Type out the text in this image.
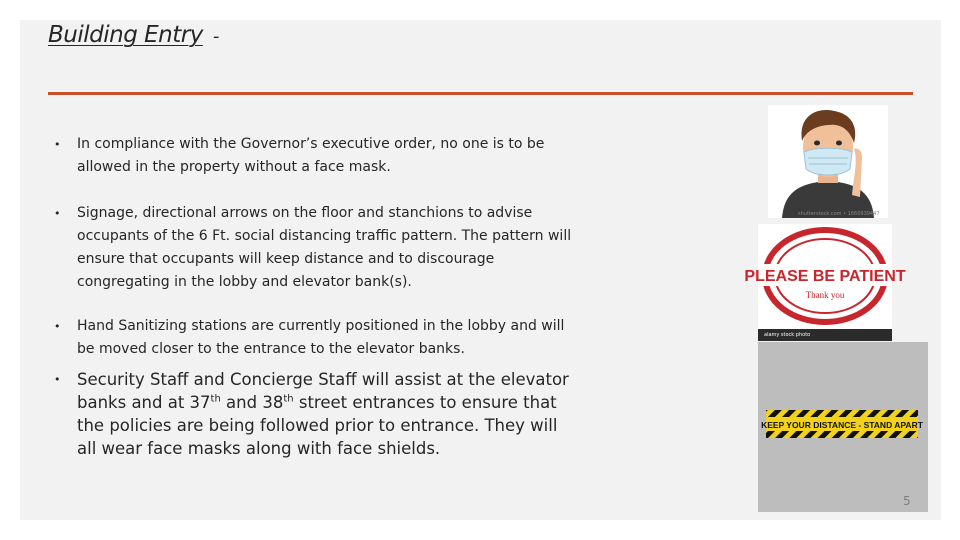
Building Entry -
• In compliance with the Governor’s executive order, no one is to be allowed in the property without a face mask.
• Signage, directional arrows on the floor and stanchions to advise occupants of the 6 Ft. social distancing traffic pattern. The pattern will ensure that occupants will keep distance and to discourage congregating in the lobby and elevator bank(s).
• Hand Sanitizing stations are currently positioned in the lobby and will be moved closer to the entrance to the elevator banks.
• Security Staff and Concierge Staff will assist at the elevator banks and at 37th and 38th street entrances to ensure that the policies are being followed prior to entrance. They will all wear face masks along with face shields.
shutterstock.com • 1660939447
PLEASE BE PATIENT
Thank you
alamy stock photo
KEEP YOUR DISTANCE - STAND APART
5
